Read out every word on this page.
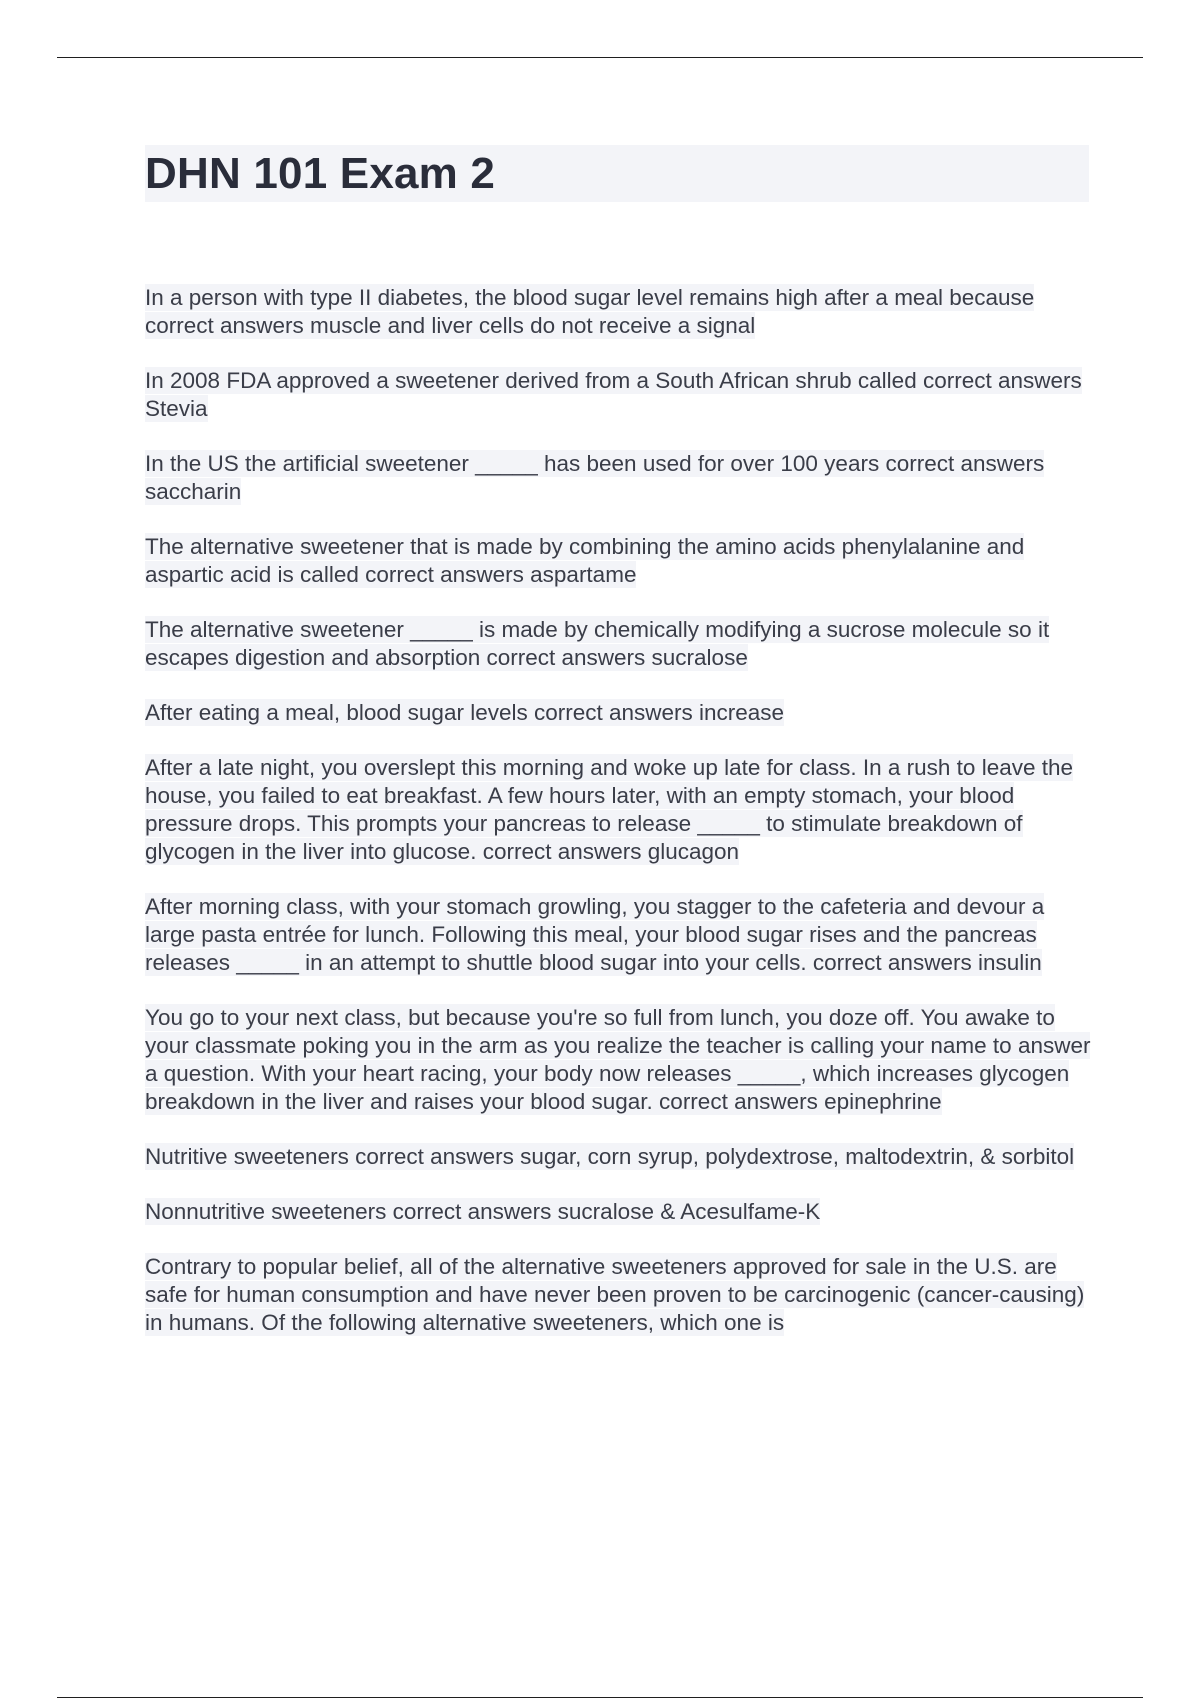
DHN 101 Exam 2

In a person with type II diabetes, the blood sugar level remains high after a meal because correct answers muscle and liver cells do not receive a signal

In 2008 FDA approved a sweetener derived from a South African shrub called correct answers Stevia

In the US the artificial sweetener _____ has been used for over 100 years correct answers saccharin

The alternative sweetener that is made by combining the amino acids phenylalanine and aspartic acid is called correct answers aspartame

The alternative sweetener _____ is made by chemically modifying a sucrose molecule so it escapes digestion and absorption correct answers sucralose

After eating a meal, blood sugar levels correct answers increase

After a late night, you overslept this morning and woke up late for class. In a rush to leave the house, you failed to eat breakfast. A few hours later, with an empty stomach, your blood pressure drops. This prompts your pancreas to release _____ to stimulate breakdown of glycogen in the liver into glucose. correct answers glucagon

After morning class, with your stomach growling, you stagger to the cafeteria and devour a large pasta entrée for lunch. Following this meal, your blood sugar rises and the pancreas releases _____ in an attempt to shuttle blood sugar into your cells. correct answers insulin

You go to your next class, but because you're so full from lunch, you doze off. You awake to your classmate poking you in the arm as you realize the teacher is calling your name to answer a question. With your heart racing, your body now releases _____, which increases glycogen breakdown in the liver and raises your blood sugar. correct answers epinephrine

Nutritive sweeteners correct answers sugar, corn syrup, polydextrose, maltodextrin, & sorbitol

Nonnutritive sweeteners correct answers sucralose & Acesulfame-K

Contrary to popular belief, all of the alternative sweeteners approved for sale in the U.S. are safe for human consumption and have never been proven to be carcinogenic (cancer-causing) in humans. Of the following alternative sweeteners, which one is
